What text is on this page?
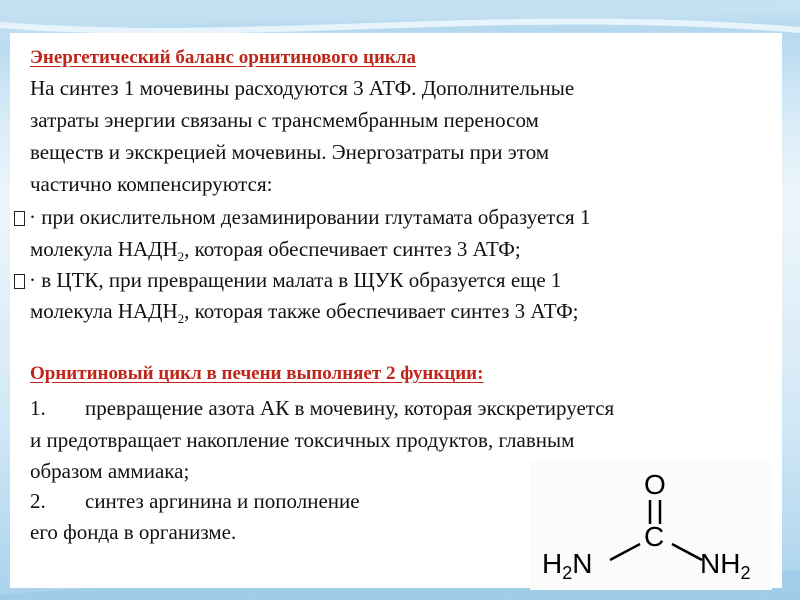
Энергетический баланс орнитинового цикла
На синтез 1 мочевины расходуются 3 АТФ. Дополнительные
затраты энергии связаны с трансмембранным переносом
веществ и экскрецией мочевины. Энергозатраты при этом
частично компенсируются:
· при окислительном дезаминировании глутамата образуется 1
молекула $НАДН_2$, которая обеспечивает синтез 3 АТФ;
· в ЦТК, при превращении малата в ЩУК образуется еще 1
молекула $НАДН_2$, которая также обеспечивает синтез 3 АТФ;
Орнитиновый цикл в печени выполняет 2 функции:
1. превращение азота АК в мочевину, которая экскретируется
и предотвращает накопление токсичных продуктов, главным
образом аммиака;
2. синтез аргинина и пополнение
его фонда в организме.
O
C
$H_2N$	$NH_2$
